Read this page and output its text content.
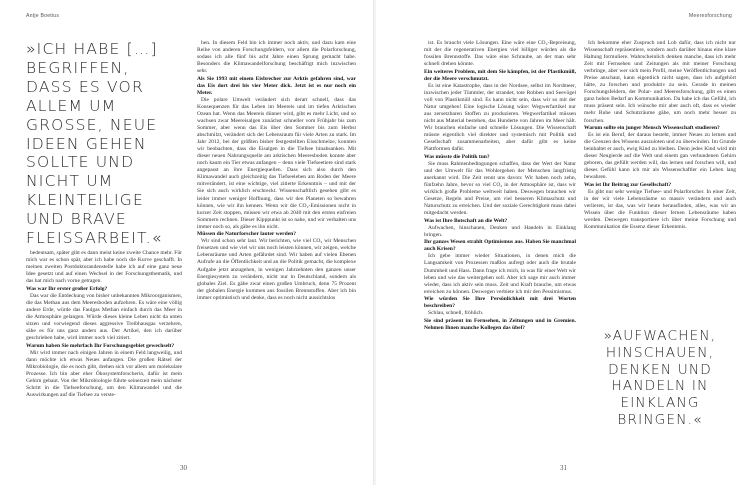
Antje Boetius
»ICH HABE […] BEGRIFFEN, DASS ES VOR ALLEM UM GROSSE, NEUE IDEEN GEHEN SOLLTE UND NICHT UM KLEINTEILIGE UND BRAVE FLEISSARBEIT.«

bedeutsam, später gibt es dann meist keine zweite Chance mehr. Für mich war es schon spät, aber ich habe noch die Kurve geschafft. In meinen zweiten Postdoktorandenstelle habe ich auf eine ganz neue Idee gesetzt und auf einen Wechsel in der Forschungsthematik, und das hat mich nach vorne getragen.

Was war Ihr erster großer Erfolg?

Das war die Entdeckung von bisher unbekannten Mikroorganismen, die das Methan aus dem Meeresboden aufzehren. Es wäre eine völlig andere Erde, würde das Faulgas Methan einfach durch das Meer in die Atmosphäre gelangen. Würde dieses kleine Leben nicht da unten sitzen und vorwiegend dieses aggressive Treibhausgas verzehren, sähe es für uns ganz anders aus. Der Artikel, den ich darüber geschrieben habe, wird immer noch viel zitiert.

Warum haben Sie mehrfach Ihr Forschungsgebiet gewechselt?

Mir wird immer nach einigen Jahren in einem Feld langweilig, und dann möchte ich etwas Neues anfangen. Die großen Rätsel der Mikrobiologie, die es noch gibt, drehen sich vor allem um molekulare Prozesse. Ich bin aber eher Ökosystemforscherin, dafür ist mein Gehirn gebaut. Von der Mikrobiologie führte seinerzeit mein nächster Schritt in die Tiefseeforschung, um den Klimawandel und die Auswirkungen auf die Tiefsee zu verste-

hen. In diesem Feld bin ich immer noch aktiv, und dazu kam eine Reihe von anderen Forschungsfeldern, vor allem die Polarforschung, sodass ich alle fünf bis acht Jahre einen Sprung gemacht habe. Besonders die Klimawandelforschung beschäftigt mich inzwischen sehr.

Als Sie 1993 mit einem Eisbrecher zur Arktis gefahren sind, war das Eis dort drei bis vier Meter dick. Jetzt ist es nur noch ein Meter.

Die polare Umwelt verändert sich derart schnell, dass das Konsequenzen für das Leben im Meereis und im tiefen Arktischen Ozean hat. Wenn das Meereis dünner wird, gibt es mehr Licht, und so wachsen zwar Meereisalgen zunächst schneller vom Frühjahr bis zum Sommer, aber wenn das Eis über den Sommer bis zum Herbst abschmilzt, verändert sich der Lebensraum für viele Arten zu stark. Im Jahr 2012, bei der größten bisher festgestellten Eisschmelze, konnten wir beobachten, dass die Eisalgen in die Tiefsee hinabsanken. Mit dieser neuen Nahrungsquelle am arktischen Meeresboden konnte aber noch kaum ein Tier etwas anfangen – denn viele Tiefseetiere sind stark angepasst an ihre Energiequellen. Dass sich also durch den Klimawandel auch gleichzeitig das Tiefseeleben am Boden der Meere mitverändert, ist eine wichtige, viel zitierte Erkenntnis – und mit der Sie sich auch wirklich erschreckt. Wissenschaftlich gesehen gibt es leider immer weniger Hoffnung, dass wir den Planeten so bewahren können, wie wir ihn kennen. Wenn wir die CO₂-Emissionen nicht in kurzer Zeit stoppen, müssen wir etwa ab 2040 mit den ersten eisfreien Sommern rechnen. Dieser Kipppunkt ist so nahe, und wir verhalten uns immer noch so, als gäbe es ihn nicht.

Müssen die Naturforscher lauter werden?

Wir sind schon sehr laut. Wir berichten, wie viel CO₂ wir Menschen freisetzen und wie viel wir uns noch leisten können, wir zeigen, welche Lebensräume und Arten gefährdet sind. Wir haben auf vielen Ebenen Aufrufe an die Öffentlichkeit und an die Politik gemacht, die komplexe Aufgabe jetzt anzugehen, in wenigen Jahrzehnten den ganzen unser Energiesystem zu verändern, nicht nur in Deutschland, sondern als globales Ziel. Es gäbe zwar einen großen Umbruch, denn 75 Prozent der globalen Energie kommen aus fossilen Brennstoffen. Aber ich bin immer optimistisch und denke, dass es noch nicht aussichtslos

30
Meeresforschung
31

ist. Es braucht viele Lösungen. Eine wäre eine CO₂-Bepreisung, mit der die regenerativen Energien viel billiger würden als die fossilen Brennstoffe. Das wäre eine Schraube, an der man sehr schnell drehen könnte.

Ein weiteres Problem, mit dem Sie kämpfen, ist der Plastikmüll, der die Meere verschmutzt.

Es ist eine Katastrophe, dass in der Nordsee, selbst im Nordmeer, inzwischen jeder Tümmler, der strandet, tote Robben und Seevögel voll von Plastikmüll sind. Es kann nicht sein, dass wir so mit der Natur umgehen! Eine logische Lösung wäre: Wegwerfartikel nur aus zersetzbaren Stoffen zu produzieren. Wegwerfartikel müssen nicht aus Material bestehen, das Hunderte von Jahren im Meer hält. Wir brauchen einfache und schnelle Lösungen. Die Wissenschaft müsste eigentlich viel direkter und systemisch mit Politik und Gesellschaft zusammenarbeiten, aber dafür gibt es keine Plattformen dafür.

Was müsste die Politik tun?

Sie muss Rahmenbedingungen schaffen, dass der Wert der Natur und der Umwelt für das Wohlergehen der Menschen langfristig anerkannt wird. Die Zeit rennt uns davon: Wir haben noch zehn, fünfzehn Jahre, bevor so viel CO₂ in der Atmosphäre ist, dass wir wirklich große Probleme weltweit haben. Deswegen brauchen wir Gesetze, Regeln und Preise, um viel besseren Klimaschutz und Naturschutz zu erreichen. Und der soziale Gerechtigkeit muss dabei mitgedacht werden.

Was ist Ihre Botschaft an die Welt?

Aufwachen, hinschauen, Denken und Handeln in Einklang bringen.

Ihr ganzes Wesen strahlt Optimismus aus. Haben Sie manchmal auch Krisen?

Ich gebe immer wieder Situationen, in denen mich die Langsamkeit von Prozessen maßlos aufregt oder auch die brutale Dummheit und Hass. Dann frage ich mich, in was für einer Welt wir leben und wie das weitergehen soll. Aber ich sage mir auch immer wieder, dass ich aktiv sein muss. Zeit und Kraft brauche, um etwas erreichen zu können. Deswegen verbiete ich mir den Pessimismus.

Wie würden Sie Ihre Persönlichkeit mit drei Worten beschreiben?

Schlau, schnell, fröhlich.

Sie sind präsent im Fernsehen, in Zeitungen und in Gremien. Nehmen Ihnen manche Kollegen das übel?

Ich bekomme eher Zuspruch und Lob dafür, dass ich nicht nur Wissenschaft repräsentiere, sondern auch darüber hinaus eine klare Haltung formuliere. Wahrscheinlich denken manche, dass ich mehr Zeit mit Fernsehen und Zeitungen als mit meiner Forschung verbringe, aber wer sich mein Profil, meine Veröffentlichungen und Preise anschaut, kann eigentlich nicht sagen, dass ich aufgehört hätte, zu forschen und produktiv zu sein. Gerade in meinen Forschungsfeldern, der Polar- und Meeresforschung, gibt es einen ganz hohen Bedarf an Kommunikation. Da habe ich das Gefühl, ich muss präsent sein. Ich wünsche mir aber auch oft, dass es wieder mehr Ruhe und Schutzräume gäbe, um noch mehr besser zu forschen.

Warum sollte ein junger Mensch Wissenschaft studieren?

Es ist ein Beruf, der daraus besteht, immer Neues zu lernen und die Grenzen des Wissens auszuloten und zu überwinden. Im Grunde beinhaltet er auch, ewig Kind zu bleiben. Denn jedes Kind wird mit dieser Neugierde auf die Welt und einem gan verbundenen Gehirn geboren, das gefüllt werden will, das lernen und forschen will, und dieses Gefühl kann ich mir als Wissenschaftler ein Leben lang bewahren.

Was ist Ihr Beitrag zur Gesellschaft?

Es gibt nur sehr wenige Tiefsee- und Polarforscher. In einer Zeit, in der wir viele Lebensräume so massiv verändern und auch verlieren, ist das, was wir heute herausfinden, alles, was wir an Wissen über die Funktion dieser fernen Lebensräume haben werden. Deswegen transportiere ich über meine Forschung und Kommunikation die Essenz dieser Erkenntnis.

»AUFWACHEN, HINSCHAUEN, DENKEN UND HANDELN IN EINKLANG BRINGEN.«
